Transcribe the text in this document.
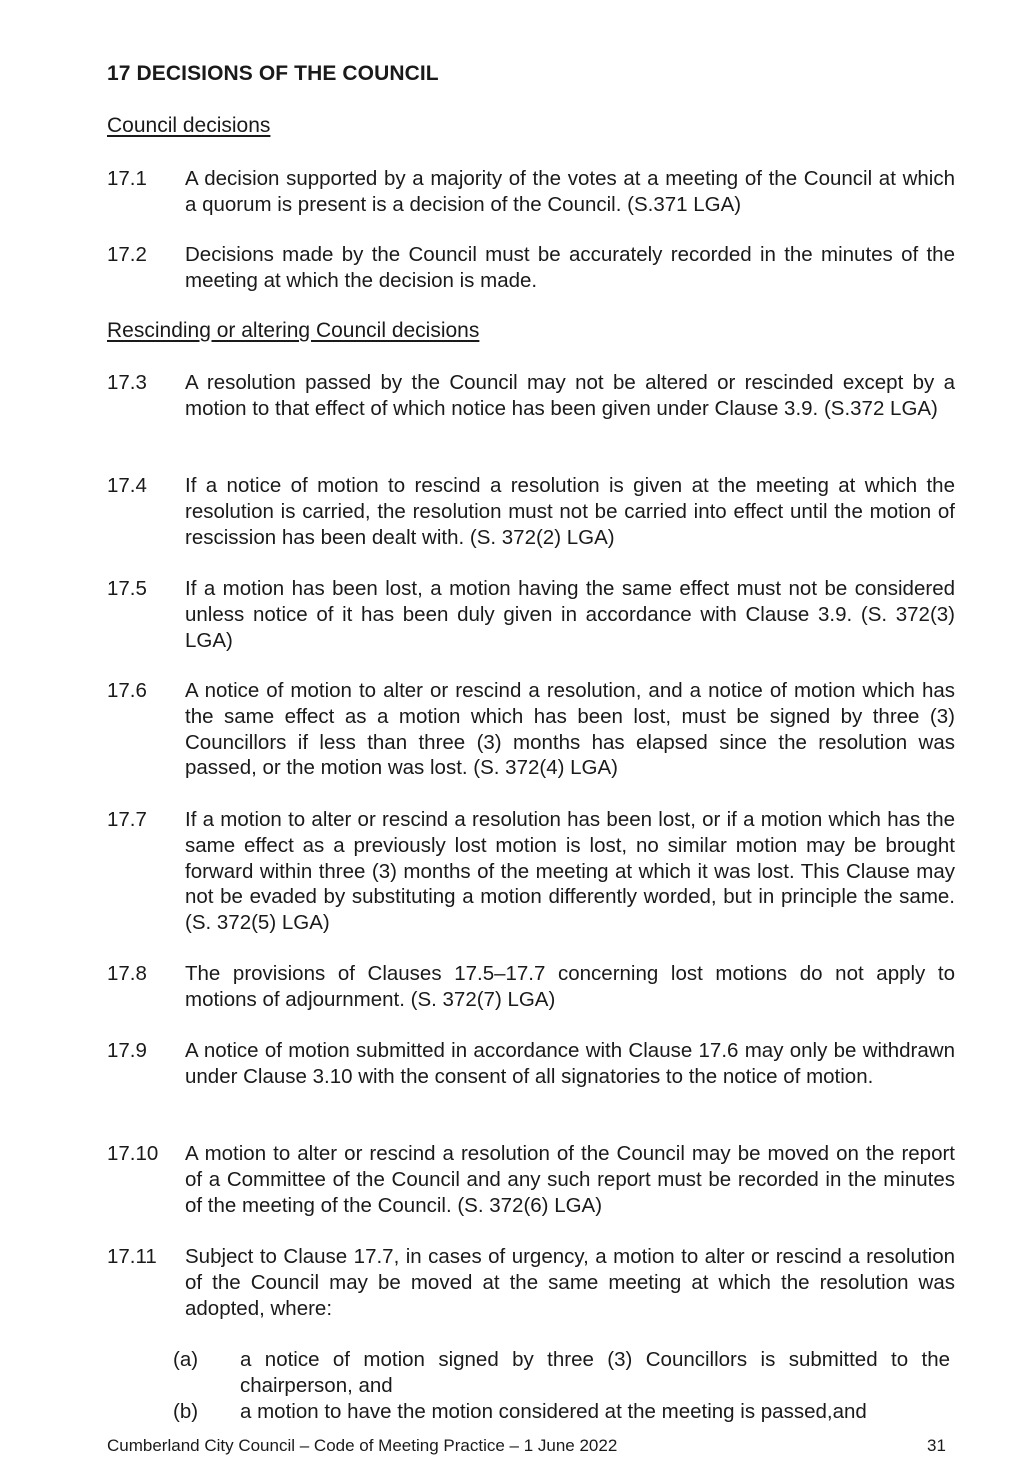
17 DECISIONS OF THE COUNCIL
Council decisions
17.1	A decision supported by a majority of the votes at a meeting of the Council at which a quorum is present is a decision of the Council. (S.371 LGA)
17.2	Decisions made by the Council must be accurately recorded in the minutes of the meeting at which the decision is made.
Rescinding or altering Council decisions
17.3	A resolution passed by the Council may not be altered or rescinded except by a motion to that effect of which notice has been given under Clause 3.9. (S.372 LGA)
17.4	If a notice of motion to rescind a resolution is given at the meeting at which the resolution is carried, the resolution must not be carried into effect until the motion of rescission has been dealt with. (S. 372(2) LGA)
17.5	If a motion has been lost, a motion having the same effect must not be considered unless notice of it has been duly given in accordance with Clause 3.9. (S. 372(3) LGA)
17.6	A notice of motion to alter or rescind a resolution, and a notice of motion which has the same effect as a motion which has been lost, must be signed by three (3) Councillors if less than three (3) months has elapsed since the resolution was passed, or the motion was lost. (S. 372(4) LGA)
17.7	If a motion to alter or rescind a resolution has been lost, or if a motion which has the same effect as a previously lost motion is lost, no similar motion may be brought forward within three (3) months of the meeting at which it was lost. This Clause may not be evaded by substituting a motion differently worded, but in principle the same. (S. 372(5) LGA)
17.8	The provisions of Clauses 17.5–17.7 concerning lost motions do not apply to motions of adjournment. (S. 372(7) LGA)
17.9	A notice of motion submitted in accordance with Clause 17.6 may only be withdrawn under Clause 3.10 with the consent of all signatories to the notice of motion.
17.10	A motion to alter or rescind a resolution of the Council may be moved on the report of a Committee of the Council and any such report must be recorded in the minutes of the meeting of the Council. (S. 372(6) LGA)
17.11	Subject to Clause 17.7, in cases of urgency, a motion to alter or rescind a resolution of the Council may be moved at the same meeting at which the resolution was adopted, where:
(a)	a notice of motion signed by three (3) Councillors is submitted to the chairperson, and
(b)	a motion to have the motion considered at the meeting is passed,and
Cumberland City Council – Code of Meeting Practice – 1 June 2022	31
